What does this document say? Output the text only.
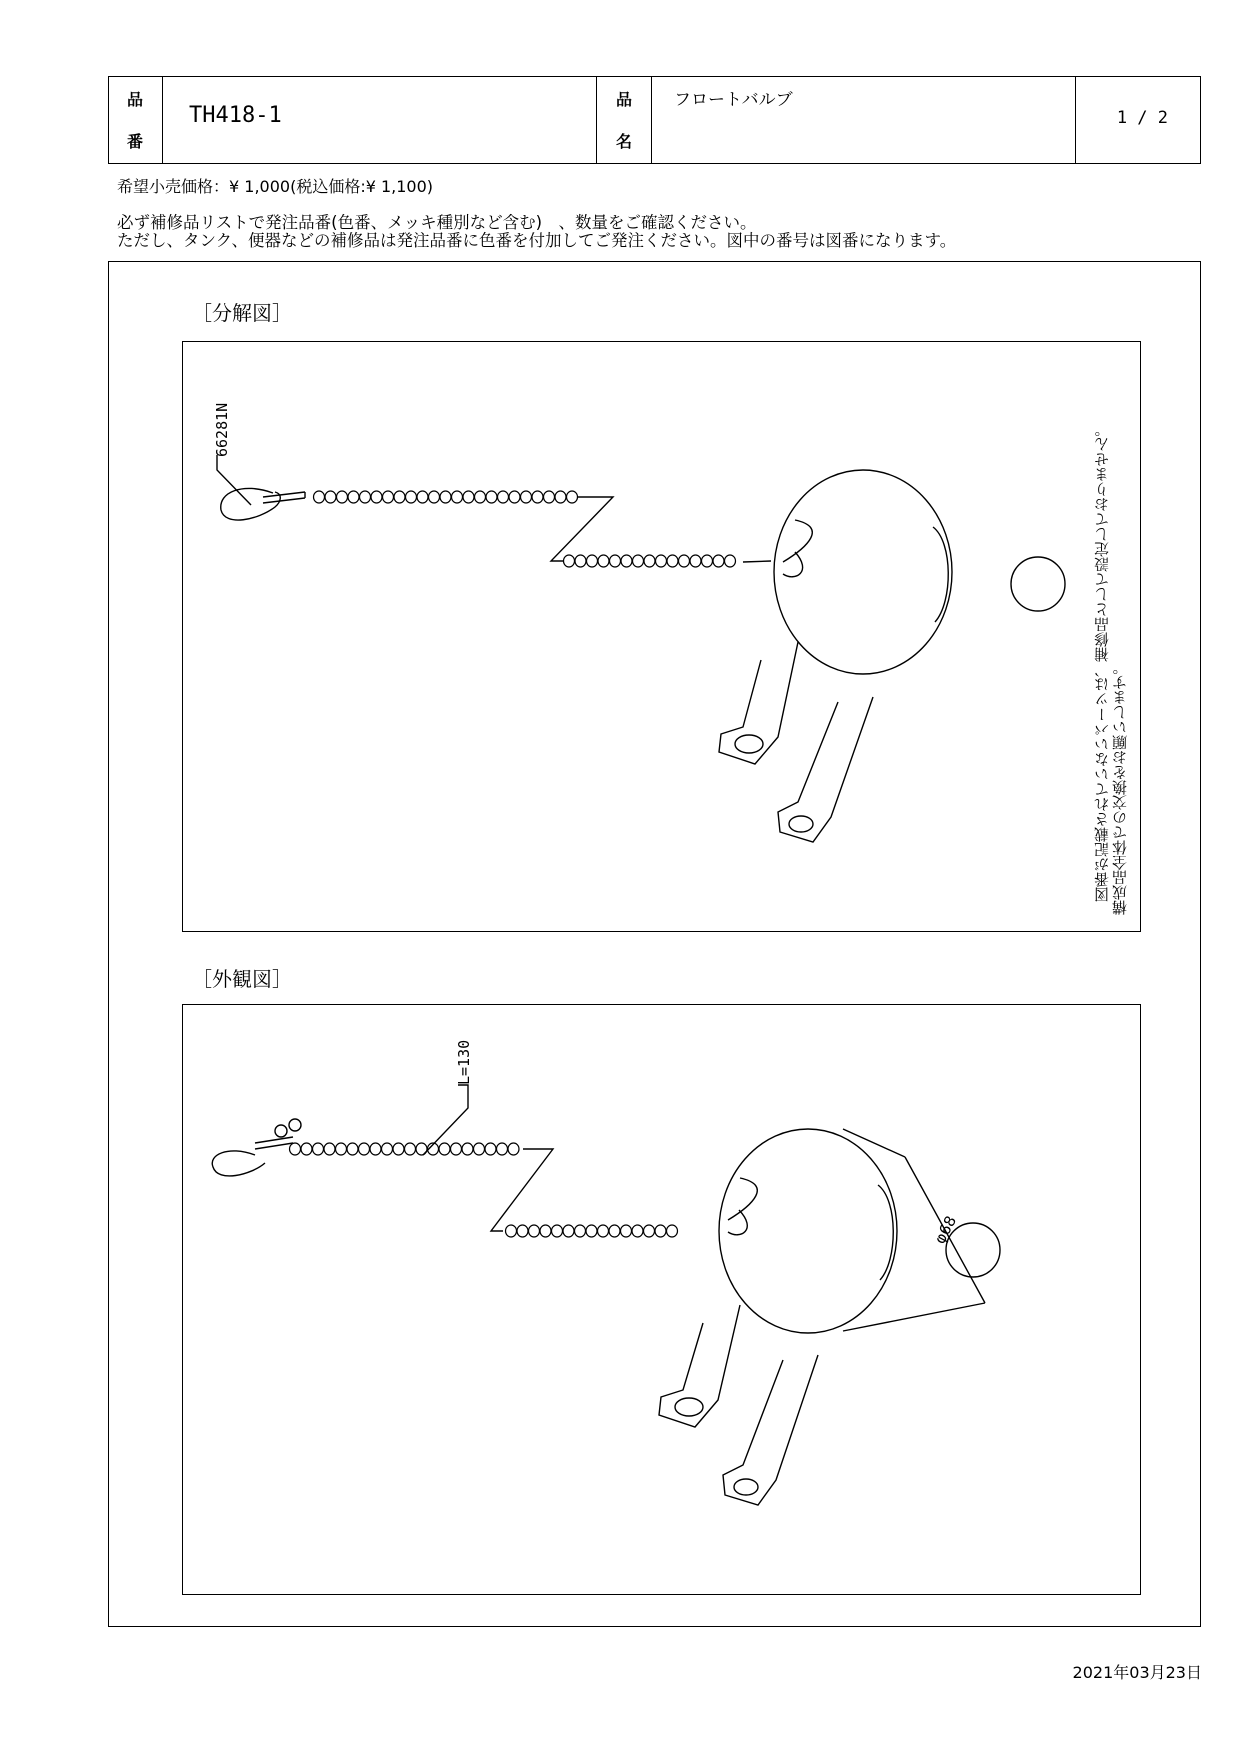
品
番
TH418-1
品
名
フロートバルブ
1 / 2
希望小売価格：¥ 1,000(税込価格:¥ 1,100)
必ず補修品リストで発注品番(色番、メッキ種別など含む)　、数量をご確認ください。
ただし、タンク、便器などの補修品は発注品番に色番を付加してご発注ください。図中の番号は図番になります。
［分解図］
66281N	図番が記載されていないパーツは、補修品として設定しておりません。 構成品全体での交換をお願いします。
［外観図］
L=130
φ68
2021年03月23日
